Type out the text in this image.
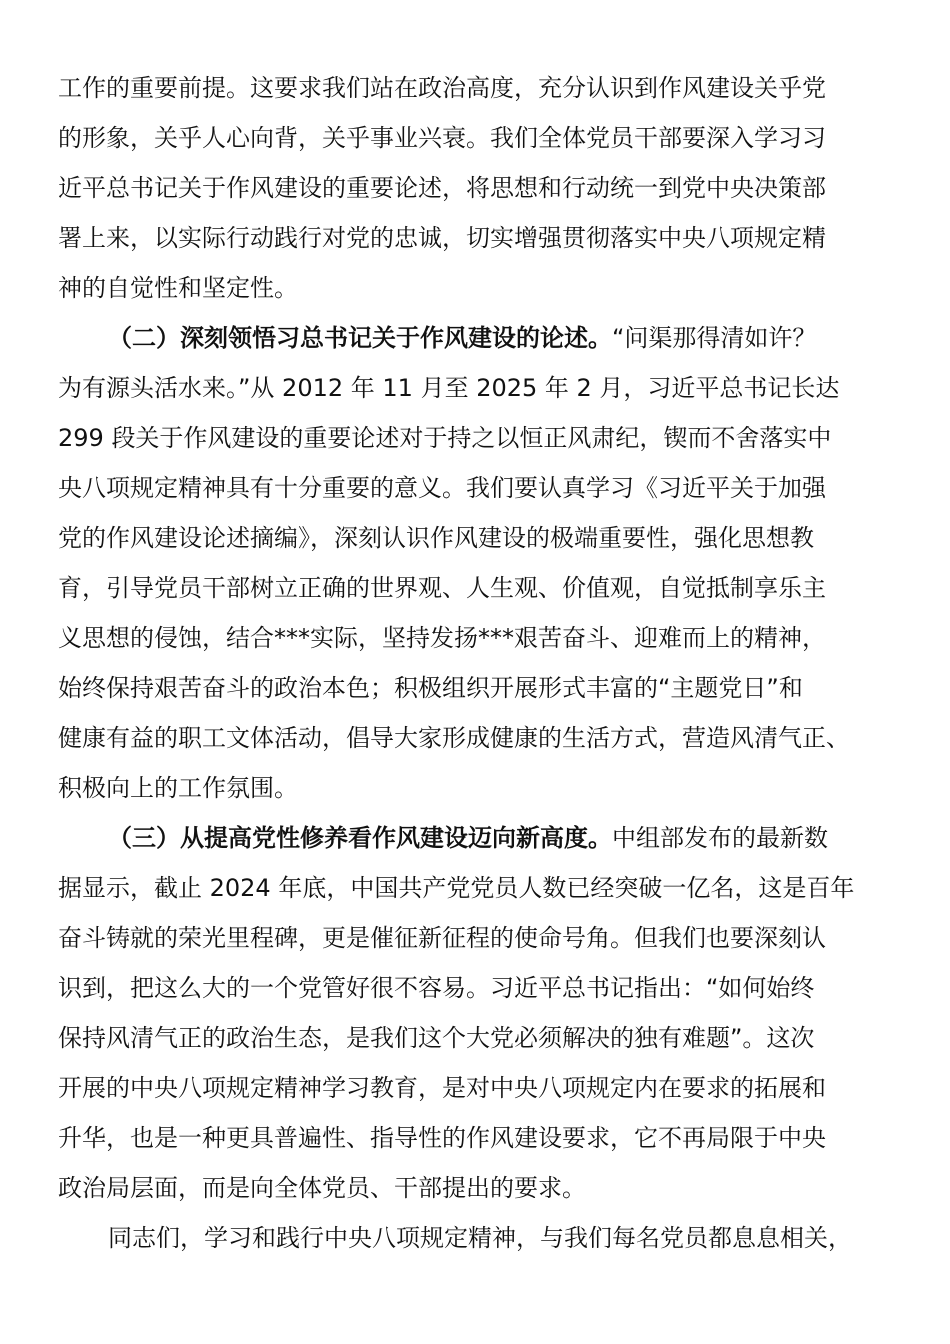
工作的重要前提。这要求我们站在政治高度，充分认识到作风建设关乎党
的形象，关乎人心向背，关乎事业兴衰。我们全体党员干部要深入学习习
近平总书记关于作风建设的重要论述，将思想和行动统一到党中央决策部
署上来，以实际行动践行对党的忠诚，切实增强贯彻落实中央八项规定精
神的自觉性和坚定性。
（二）深刻领悟习总书记关于作风建设的论述。“问渠那得清如许？
为有源头活水来。”从 2012 年 11 月至 2025 年 2 月，习近平总书记长达
299 段关于作风建设的重要论述对于持之以恒正风肃纪，锲而不舍落实中
央八项规定精神具有十分重要的意义。我们要认真学习《习近平关于加强
党的作风建设论述摘编》，深刻认识作风建设的极端重要性，强化思想教
育，引导党员干部树立正确的世界观、人生观、价值观，自觉抵制享乐主
义思想的侵蚀，结合***实际，坚持发扬***艰苦奋斗、迎难而上的精神，
始终保持艰苦奋斗的政治本色；积极组织开展形式丰富的“主题党日”和
健康有益的职工文体活动，倡导大家形成健康的生活方式，营造风清气正、
积极向上的工作氛围。
（三）从提高党性修养看作风建设迈向新高度。中组部发布的最新数
据显示，截止 2024 年底，中国共产党党员人数已经突破一亿名，这是百年
奋斗铸就的荣光里程碑，更是催征新征程的使命号角。但我们也要深刻认
识到，把这么大的一个党管好很不容易。习近平总书记指出：“如何始终
保持风清气正的政治生态，是我们这个大党必须解决的独有难题”。这次
开展的中央八项规定精神学习教育，是对中央八项规定内在要求的拓展和
升华，也是一种更具普遍性、指导性的作风建设要求，它不再局限于中央
政治局层面，而是向全体党员、干部提出的要求。
同志们，学习和践行中央八项规定精神，与我们每名党员都息息相关，
